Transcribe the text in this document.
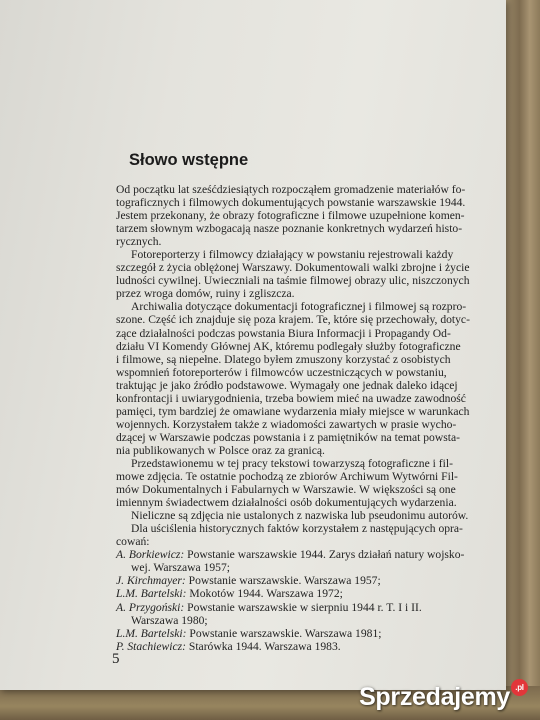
Słowo wstępne
Od początku lat sześćdziesiątych rozpocząłem gromadzenie materiałów fo-
tograficznych i filmowych dokumentujących powstanie warszawskie 1944.
Jestem przekonany, że obrazy fotograficzne i filmowe uzupełnione komen-
tarzem słownym wzbogacają nasze poznanie konkretnych wydarzeń histo-
rycznych.
Fotoreporterzy i filmowcy działający w powstaniu rejestrowali każdy
szczegół z życia oblężonej Warszawy. Dokumentowali walki zbrojne i życie
ludności cywilnej. Uwieczniali na taśmie filmowej obrazy ulic, niszczonych
przez wroga domów, ruiny i zgliszcza.
Archiwalia dotyczące dokumentacji fotograficznej i filmowej są rozpro-
szone. Część ich znajduje się poza krajem. Te, które się przechowały, dotyc-
zące działalności podczas powstania Biura Informacji i Propagandy Od-
działu VI Komendy Głównej AK, któremu podlegały służby fotograficzne
i filmowe, są niepełne. Dlatego byłem zmuszony korzystać z osobistych
wspomnień fotoreporterów i filmowców uczestniczących w powstaniu,
traktując je jako źródło podstawowe. Wymagały one jednak daleko idącej
konfrontacji i uwiarygodnienia, trzeba bowiem mieć na uwadze zawodność
pamięci, tym bardziej że omawiane wydarzenia miały miejsce w warunkach
wojennych. Korzystałem także z wiadomości zawartych w prasie wycho-
dzącej w Warszawie podczas powstania i z pamiętników na temat powsta-
nia publikowanych w Polsce oraz za granicą.
Przedstawionemu w tej pracy tekstowi towarzyszą fotograficzne i fil-
mowe zdjęcia. Te ostatnie pochodzą ze zbiorów Archiwum Wytwórni Fil-
mów Dokumentalnych i Fabularnych w Warszawie. W większości są one
imiennym świadectwem działalności osób dokumentujących wydarzenia.
Nieliczne są zdjęcia nie ustalonych z nazwiska lub pseudonimu autorów.
Dla uściślenia historycznych faktów korzystałem z następujących opra-
cowań:
A. Borkiewicz: Powstanie warszawskie 1944. Zarys działań natury wojsko-
wej. Warszawa 1957;
J. Kirchmayer: Powstanie warszawskie. Warszawa 1957;
L.M. Bartelski: Mokotów 1944. Warszawa 1972;
A. Przygoński: Powstanie warszawskie w sierpniu 1944 r. T. I i II.
Warszawa 1980;
L.M. Bartelski: Powstanie warszawskie. Warszawa 1981;
P. Stachiewicz: Starówka 1944. Warszawa 1983.
5
Sprzedajemy .pl
